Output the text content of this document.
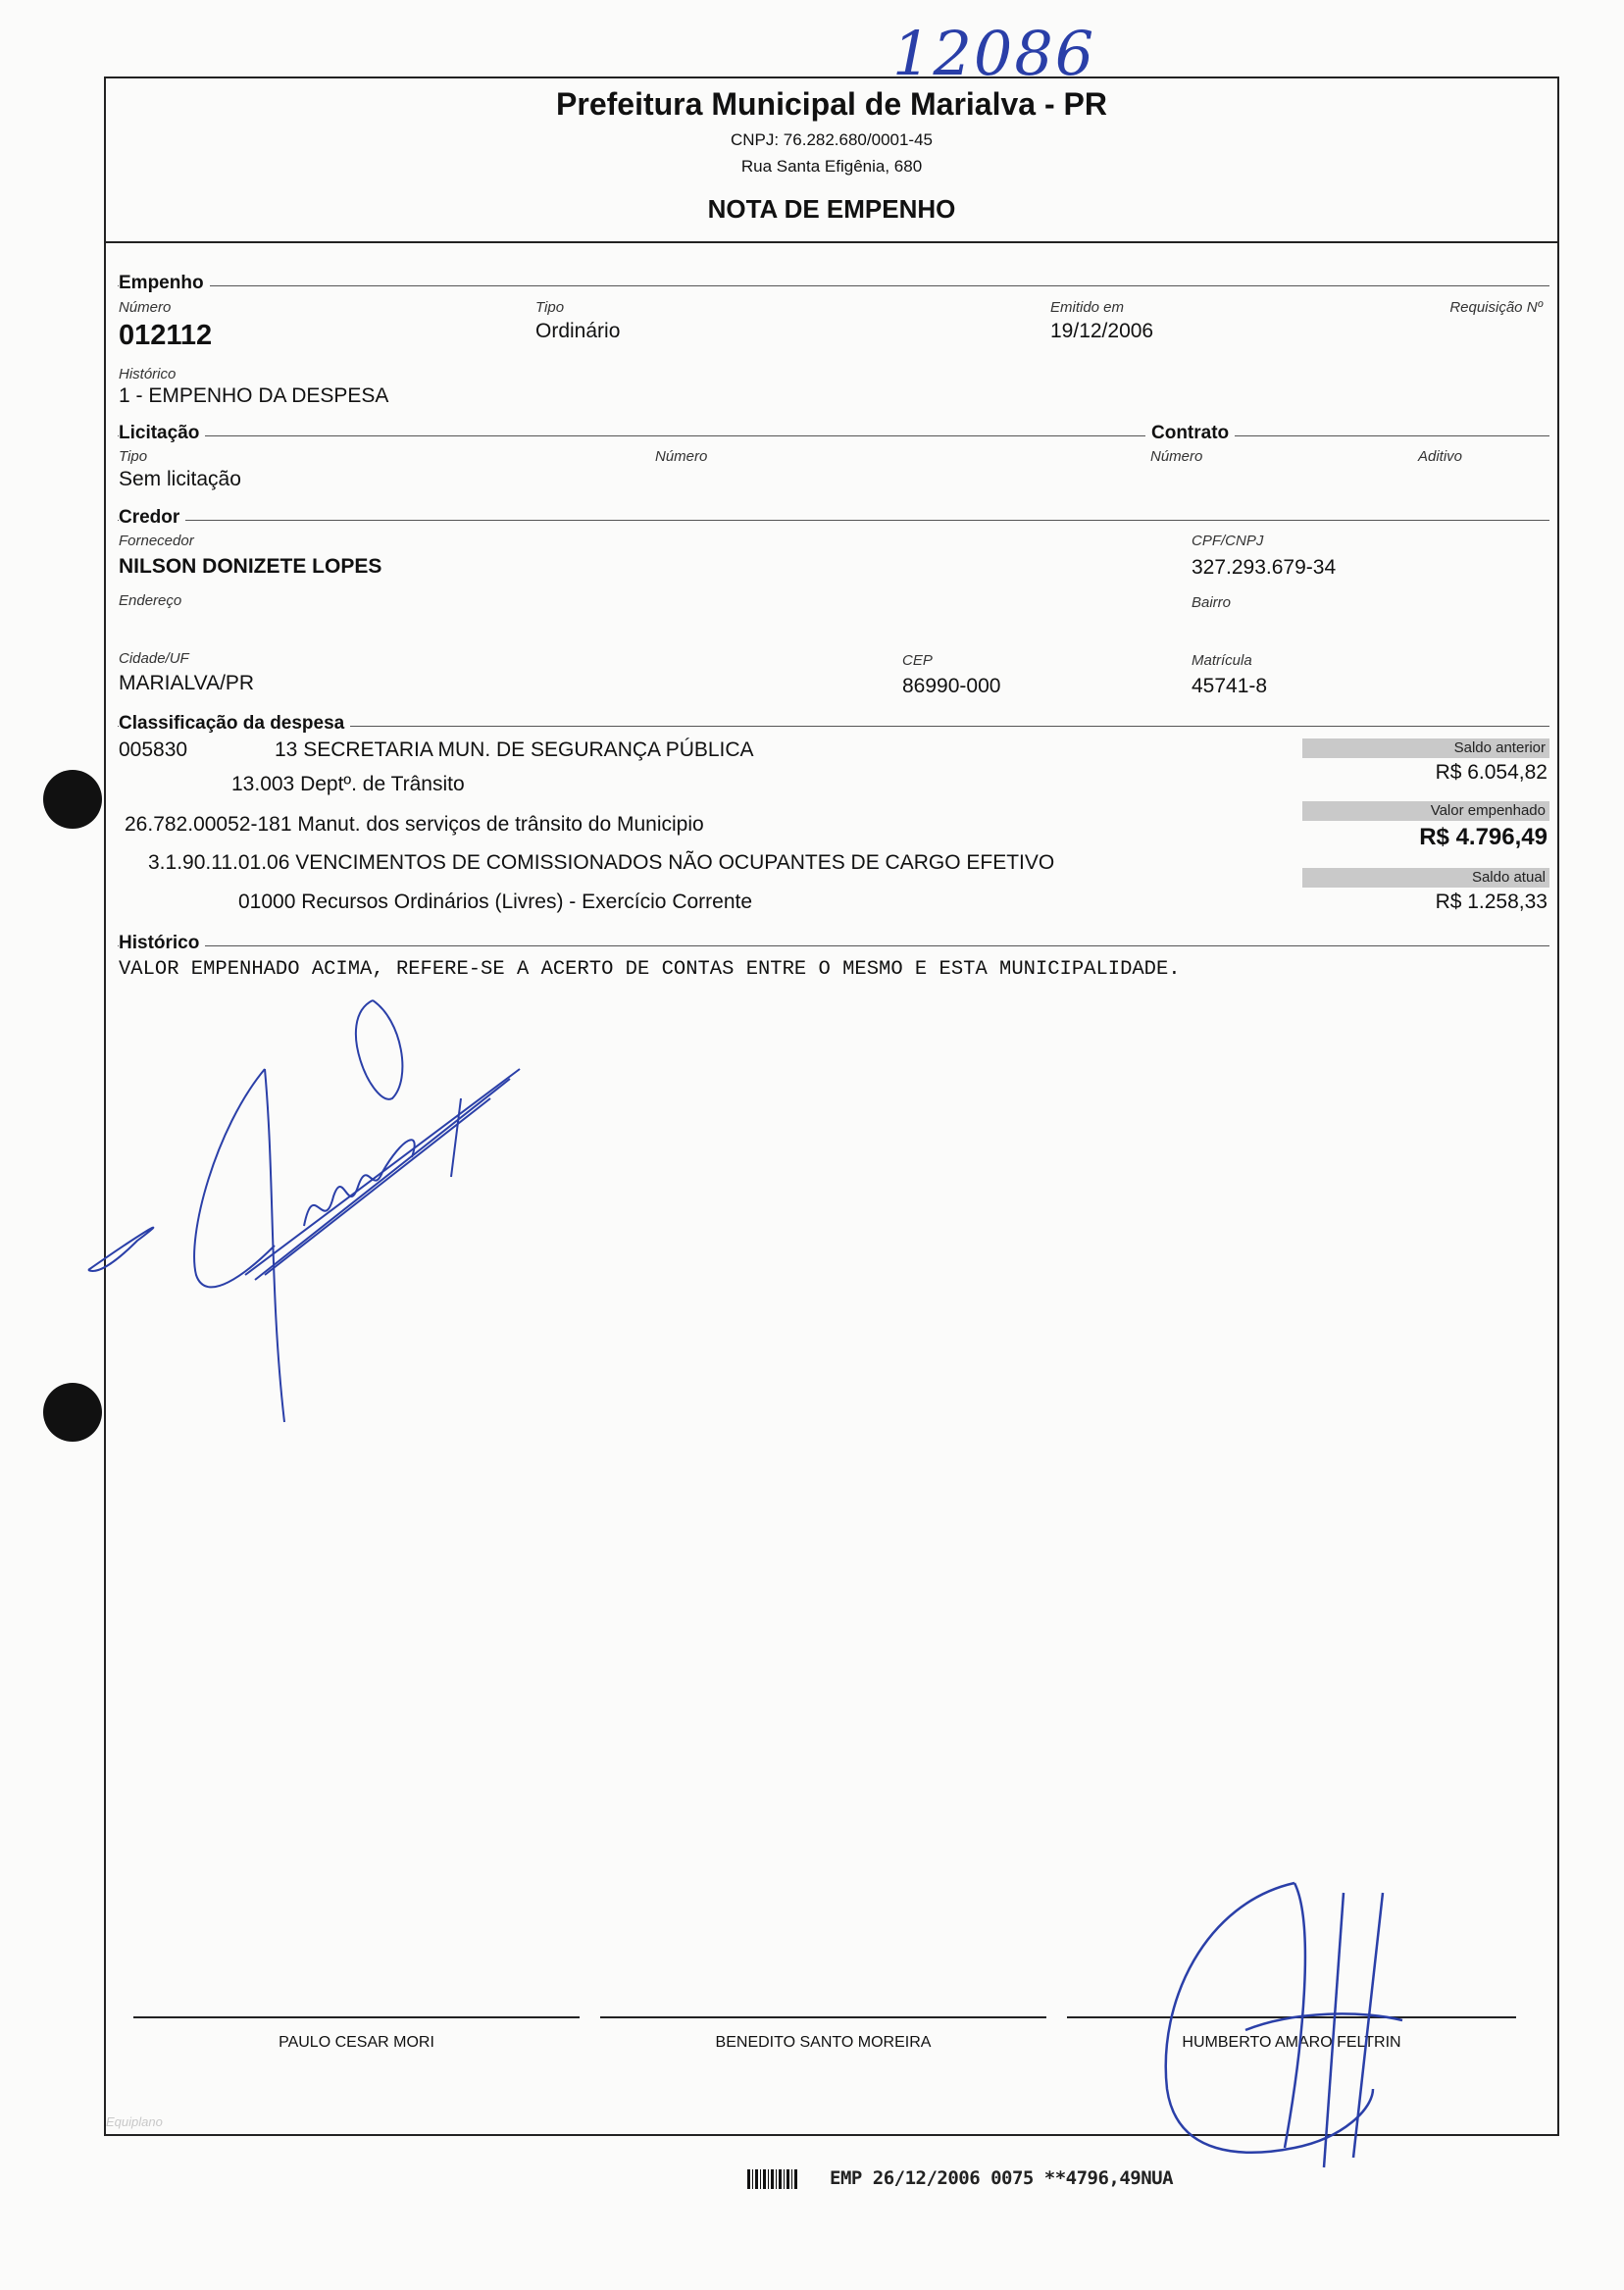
12086
Prefeitura Municipal de Marialva - PR
CNPJ: 76.282.680/0001-45
Rua Santa Efigênia, 680
NOTA DE EMPENHO
Empenho
Número
012112
Tipo
Ordinário
Emitido em
19/12/2006
Requisição Nº
Histórico
1 - EMPENHO DA DESPESA
Licitação	Contrato
Tipo
Sem licitação
Número	Número	Aditivo
Credor
Fornecedor
NILSON DONIZETE LOPES
CPF/CNPJ
327.293.679-34
Endereço	Bairro
Cidade/UF
MARIALVA/PR
CEP
86990-000
Matrícula
45741-8
Classificação da despesa
005830	13 SECRETARIA MUN. DE SEGURANÇA PÚBLICA
13.003 Deptº. de Trânsito
26.782.00052-181 Manut. dos serviços de trânsito do Municipio
3.1.90.11.01.06 VENCIMENTOS DE COMISSIONADOS NÃO OCUPANTES DE CARGO EFETIVO
01000 Recursos Ordinários (Livres) - Exercício Corrente
Saldo anterior
R$ 6.054,82
Valor empenhado
R$ 4.796,49
Saldo atual
R$ 1.258,33
Histórico
VALOR EMPENHADO ACIMA, REFERE-SE A ACERTO DE CONTAS ENTRE O MESMO E ESTA MUNICIPALIDADE.
PAULO CESAR MORI	BENEDITO SANTO MOREIRA	HUMBERTO AMARO FELTRIN
Equiplano
EMP 26/12/2006 0075 **4796,49NUA
